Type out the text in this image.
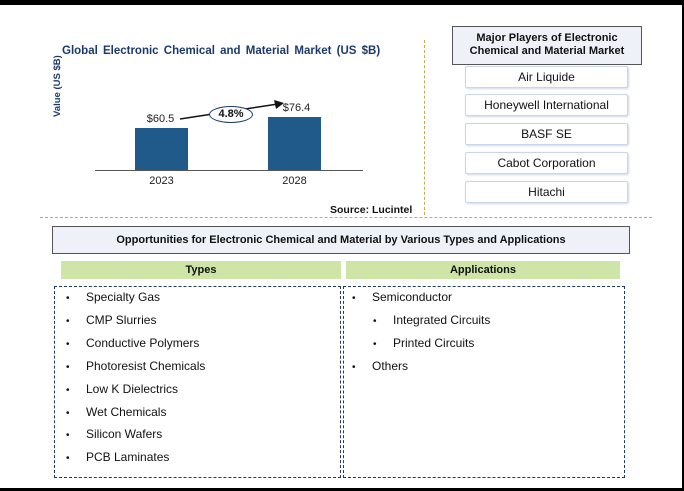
Global Electronic Chemical and Material Market (US $B)
Value (US $B)	4.8%
Source: Lucintel
Major Players of Electronic Chemical and Material Market
Opportunities for Electronic Chemical and Material by Various Types and Applications
Types	Applications
$60.5
2023
$76.4
2028
Air Liquide
Honeywell International
BASF SE
Cabot Corporation
Hitachi
• Specialty Gas
• CMP Slurries
• Conductive Polymers
• Photoresist Chemicals
• Low K Dielectrics
• Wet Chemicals
• Silicon Wafers
• PCB Laminates
• Semiconductor
• Integrated Circuits
• Printed Circuits
• Others
